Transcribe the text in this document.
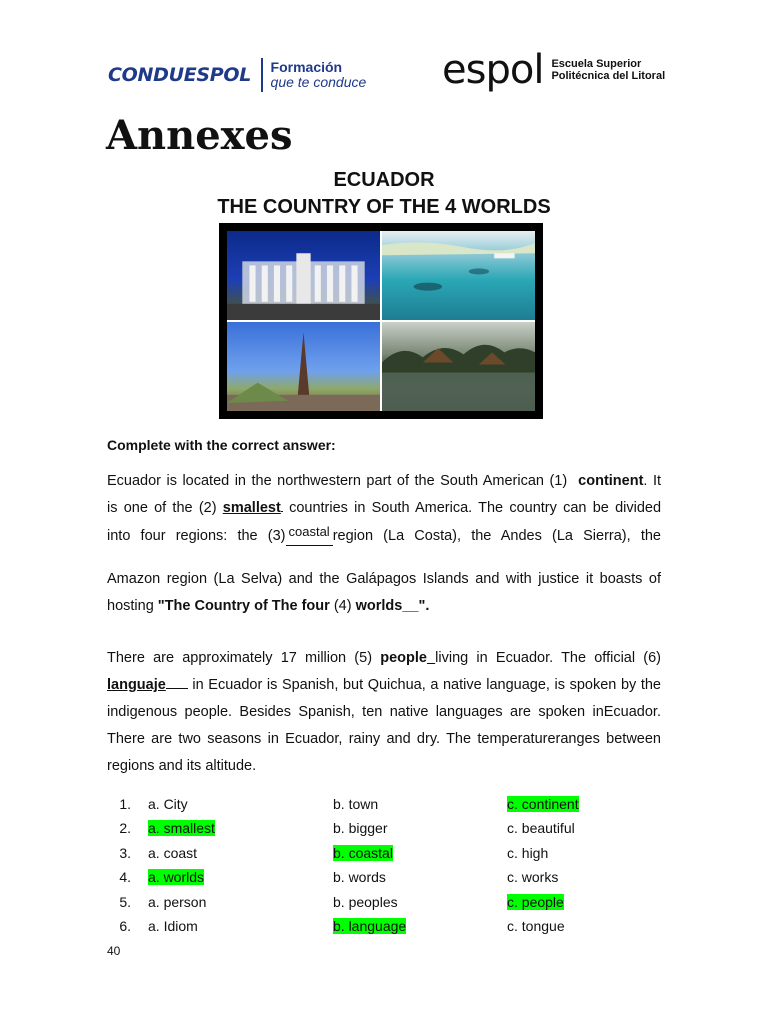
CONDUESPOL Formación
que te conduce espol Escuela Superior
Politécnica del Litoral
Annexes
ECUADOR
THE COUNTRY OF THE 4 WORLDS
Complete with the correct answer:
Ecuador is located in the northwestern part of the South American (1) continent. It
is one of the (2) smallest countries in South America. The country can be divided
into four regions: the (3) coastal region (La Costa), the Andes (La Sierra), the
Amazon region (La Selva) and the Galápagos Islands and with justice it boasts of
hosting "The Country of The four (4) worlds__".
There are approximately 17 million (5) people living in Ecuador. The official (6)
languaje in Ecuador is Spanish, but Quichua, a native language, is spoken by the
indigenous people. Besides Spanish, ten native languages are spoken inEcuador.
There are two seasons in Ecuador, rainy and dry. The temperatureranges between
regions and its altitude.
1.	a. City	b. town	c. continent
2.	a. smallest	b. bigger	c. beautiful
3.	a. coast	b. coastal	c. high
4.	a. worlds	b. words	c. works
5.	a. person	b. peoples	c. people
6.	a. Idiom	b. language	c. tongue
40
